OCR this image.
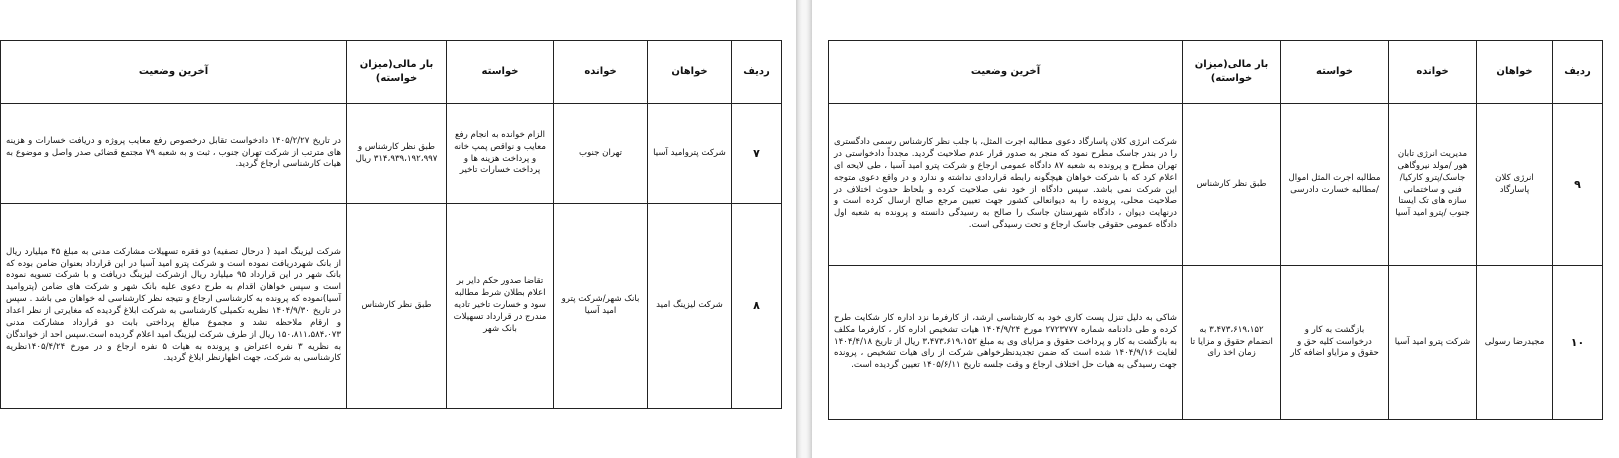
ردیف	خواهان	خوانده	خواسته	بار مالی(میزان خواسته)	آخرین وضعیت
۷	شرکت پترواميد آسيا	تهران جنوب	الزام خوانده به انجام رفع معایب و نواقص پمپ خانه و پرداخت هزينه ها و پرداخت خسارات تاخیر	طبق نظر کارشناس و ۳۱۴،۹۳۹،۱۹۲،۹۹۷ ریال	در تاریخ ۱۴۰۵/۲/۲۷ دادخواست تقابل درخصوص رفع معایب پروژه و دریافت خسارات و هزینه های مترتب از شرکت تهران جنوب ، ثبت و به شعبه ۷۹ مجتمع قضائی صدر واصل و موضوع به هیات کارشناسی ارجاع گردید.
۸	شرکت لیزینگ امید	بانک شهر/شرکت پترو امید آسیا	تقاضا صدور حکم دایر بر اعلام بطلان شرط مطالبه سود و خسارت تاخیر تادیه مندرج در قرارداد تسهیلات بانک شهر	طبق نظر کارشناس	شرکت لیزینگ امید ( درحال تصفیه) دو فقره تسهیلات مشارکت مدنی به مبلغ ۴۵ میلیارد ریال از بانک شهردریافت نموده است و شرکت پترو امید آسیا در این قرارداد بعنوان ضامن بوده که بانک شهر در این قرارداد ۹۵ میلیارد ریال ازشرکت لیزینگ دریافت و با شرکت تسویه نموده است و سپس خواهان اقدام به طرح دعوی علیه بانک شهر و شرکت های ضامن (پترواميد آسيا)نموده که پرونده به کارشناسی ارجاع و نتیجه نظر کارشناسی له خواهان می باشد . سپس در تاریخ ۱۴۰۴/۹/۳۰ نظریه تکمیلی کارشناسی به شرکت ابلاغ گردیده که مغایرتی از نظر اعداد و ارقام ملاحظه نشد و مجموع مبالغ پرداختی بابت دو قرارداد مشارکت مدنی ۱۵۰،۸۱۱،۵۸۴،۰۷۳ ریال از طرف شرکت لیزینگ امید اعلام گردیده است.سپس احد از خواندگان به نظریه ۳ نفره اعتراض و پرونده به هیات ۵ نفره ارجاع و در مورخ ۱۴۰۵/۴/۲۴نظریه کارشناسی به شرکت، جهت اظهارنظر ابلاغ گردید.
ردیف	خواهان	خوانده	خواسته	بار مالی(میزان خواسته)	آخرین وضعیت
۹	انرژی کلان پاسارگاد	مدیریت انرژی تابان هور /مولد نیروگاهی جاسک/پترو کارکیا/فنی و ساختمانی سازه های تک ایستا جنوب /پترو امید آسیا	مطالبه اجرت المثل اموال /مطالبه خسارت دادرسی	طبق نظر کارشناس	شرکت انرژی کلان پاسارگاد دعوی مطالبه اجرت المثل، با جلب نظر کارشناس رسمی دادگستری را در بندر جاسک مطرح نمود که منجر به صدور قرار عدم صلاحیت گردید. مجدداً دادخواستی در تهران مطرح و پرونده به شعبه ۸۷ دادگاه عمومی ارجاع و شرکت پترو امید آسیا ، طی لایحه ای اعلام کرد که با شرکت خواهان هیچگونه رابطه قراردادی نداشته و ندارد و در واقع دعوی متوجه این شرکت نمی باشد. سپس دادگاه از خود نفی صلاحیت کرده و بلحاظ حدوث اختلاف در صلاحیت محلی، پرونده را به دیوانعالی کشور جهت تعیین مرجع صالح ارسال کرده است و درنهایت دیوان ، دادگاه شهرستان جاسک را صالح به رسیدگی دانسته و پرونده به شعبه اول دادگاه عمومی حقوقی جاسک ارجاع و تحت رسیدگی است.
۱۰	مجیدرضا رسولی	شرکت پترو امید آسیا	بازگشت به کار و درخواست کلیه حق و حقوق و مزایاو اضافه کار	۳،۴۷۳،۶۱۹،۱۵۲ به انضمام حقوق و مزایا تا زمان اخذ رای	شاکی به دلیل تنزل پست کاری خود به کارشناسی ارشد، از کارفرما نزد اداره کار شکایت طرح کرده و طی دادنامه شماره ۲۷۲۳۷۷۷ مورخ ۱۴۰۴/۹/۲۴ هیات تشخیص اداره کار ، کارفرما مکلف به بازگشت به کار و پرداخت حقوق و مزایای وی به مبلغ ۳،۴۷۳،۶۱۹،۱۵۲ ریال از تاریخ ۱۴۰۴/۴/۱۸ لغایت ۱۴۰۴/۹/۱۶ شده است که ضمن تجدیدنظرخواهی شرکت از رای هیات تشخیص ، پرونده جهت رسیدگی به هیات حل اختلاف ارجاع و وقت جلسه تاریخ ۱۴۰۵/۶/۱۱ تعیین گردیده است.
